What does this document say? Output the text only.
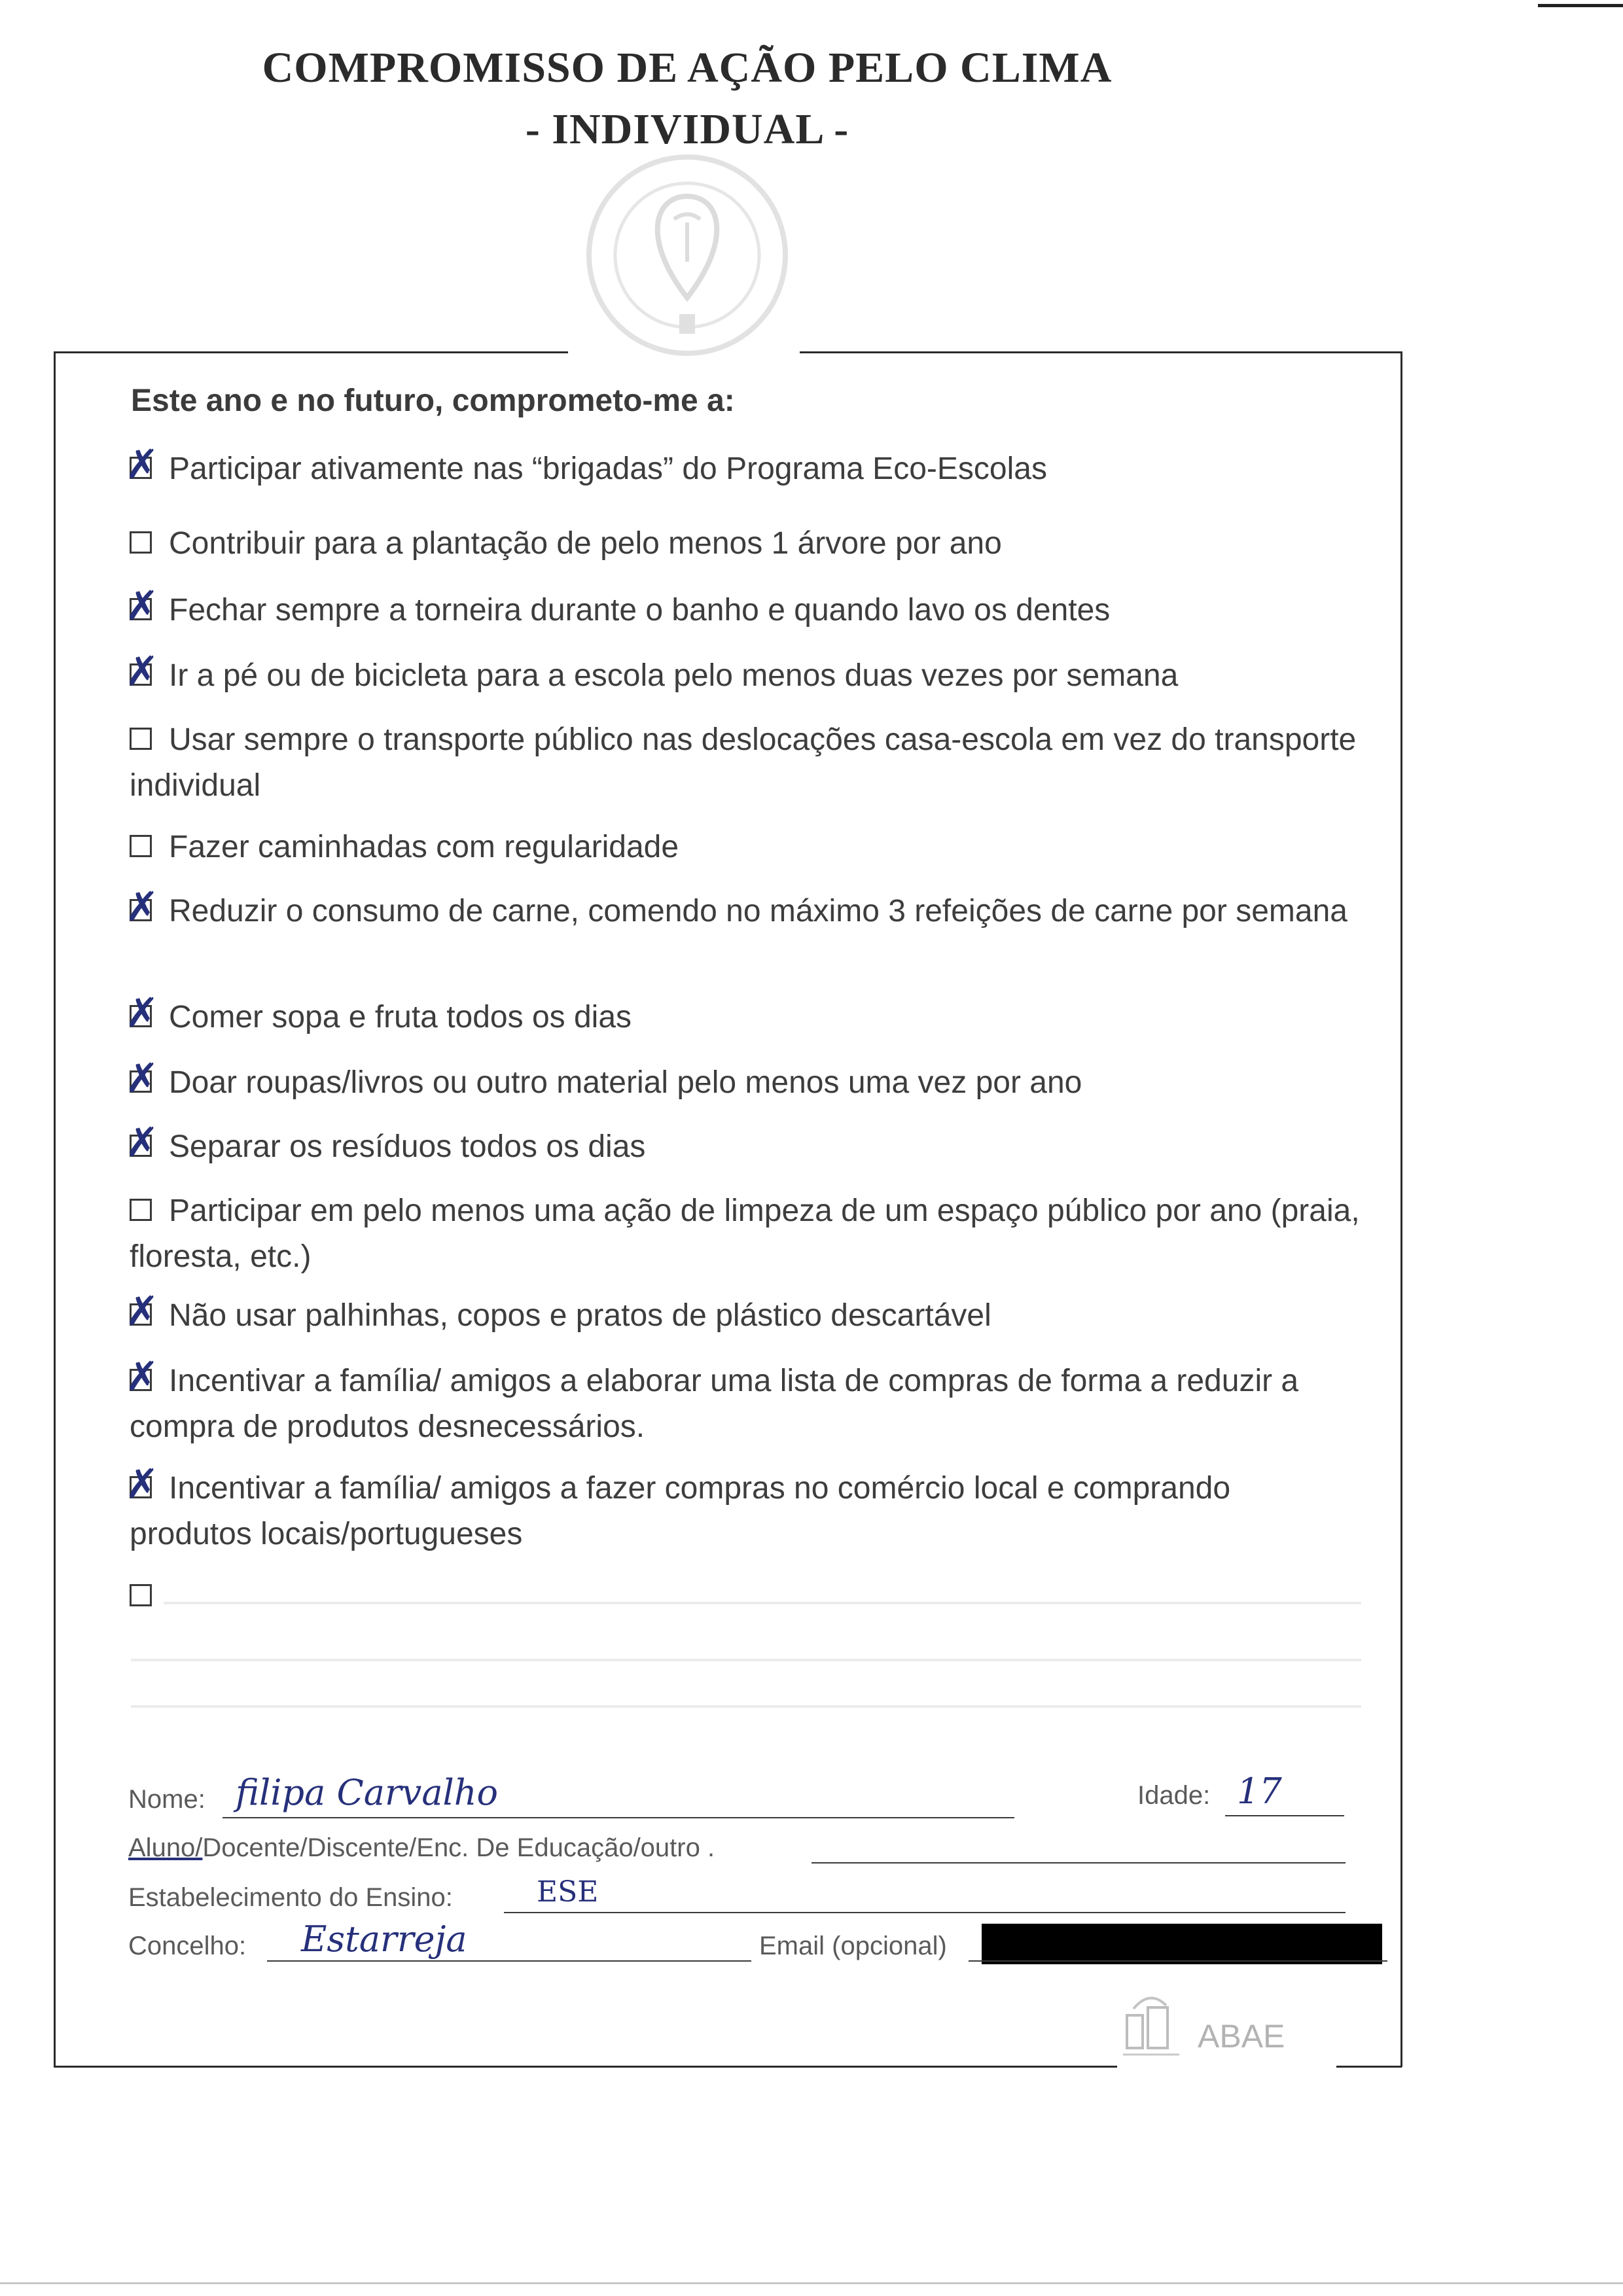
COMPROMISSO DE AÇÃO PELO CLIMA
- INDIVIDUAL -
Este ano e no futuro, comprometo-me a:
✗ Participar ativamente nas “brigadas” do Programa Eco-Escolas
Contribuir para a plantação de pelo menos 1 árvore por ano
✗ Fechar sempre a torneira durante o banho e quando lavo os dentes
✗ Ir a pé ou de bicicleta para a escola pelo menos duas vezes por semana
Usar sempre o transporte público nas deslocações casa-escola em vez do transporte individual
Fazer caminhadas com regularidade
✗ Reduzir o consumo de carne, comendo no máximo 3 refeições de carne por semana
✗ Comer sopa e fruta todos os dias
✗ Doar roupas/livros ou outro material pelo menos uma vez por ano
✗ Separar os resíduos todos os dias
Participar em pelo menos uma ação de limpeza de um espaço público por ano (praia, floresta, etc.)
✗ Não usar palhinhas, copos e pratos de plástico descartável
✗ Incentivar a família/ amigos a elaborar uma lista de compras de forma a reduzir a compra de produtos desnecessários.
✗ Incentivar a família/ amigos a fazer compras no comércio local e comprando produtos locais/portugueses
Nome: filipa Carvalho	Idade: 17
Aluno/Docente/Discente/Enc. De Educação/outro .
Estabelecimento do Ensino:	ESE
Concelho: Estarreja	Email (opcional)
ABAE
